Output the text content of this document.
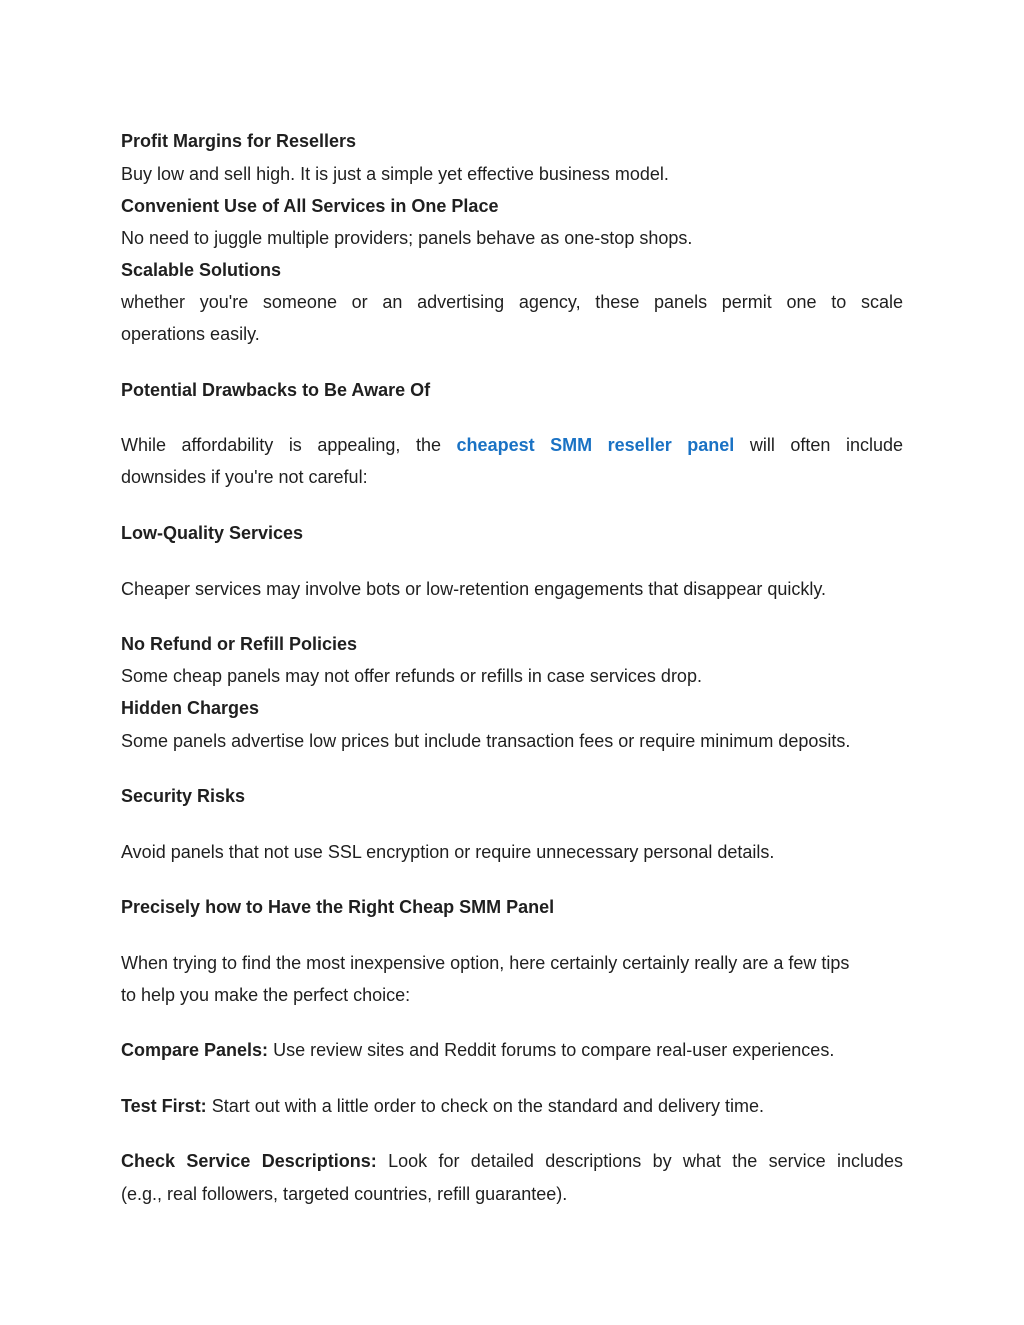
Profit Margins for Resellers
Buy low and sell high. It is just a simple yet effective business model.
Convenient Use of All Services in One Place
No need to juggle multiple providers; panels behave as one-stop shops.
Scalable Solutions
whether you're someone or an advertising agency, these panels permit one to scale
operations easily.
Potential Drawbacks to Be Aware Of
While affordability is appealing, the cheapest SMM reseller panel will often include
downsides if you're not careful:
Low-Quality Services
Cheaper services may involve bots or low-retention engagements that disappear quickly.
No Refund or Refill Policies
Some cheap panels may not offer refunds or refills in case services drop.
Hidden Charges
Some panels advertise low prices but include transaction fees or require minimum deposits.
Security Risks
Avoid panels that not use SSL encryption or require unnecessary personal details.
Precisely how to Have the Right Cheap SMM Panel
When trying to find the most inexpensive option, here certainly certainly really are a few tips
to help you make the perfect choice:
Compare Panels: Use review sites and Reddit forums to compare real-user experiences.
Test First: Start out with a little order to check on the standard and delivery time.
Check Service Descriptions: Look for detailed descriptions by what the service includes
(e.g., real followers, targeted countries, refill guarantee).
